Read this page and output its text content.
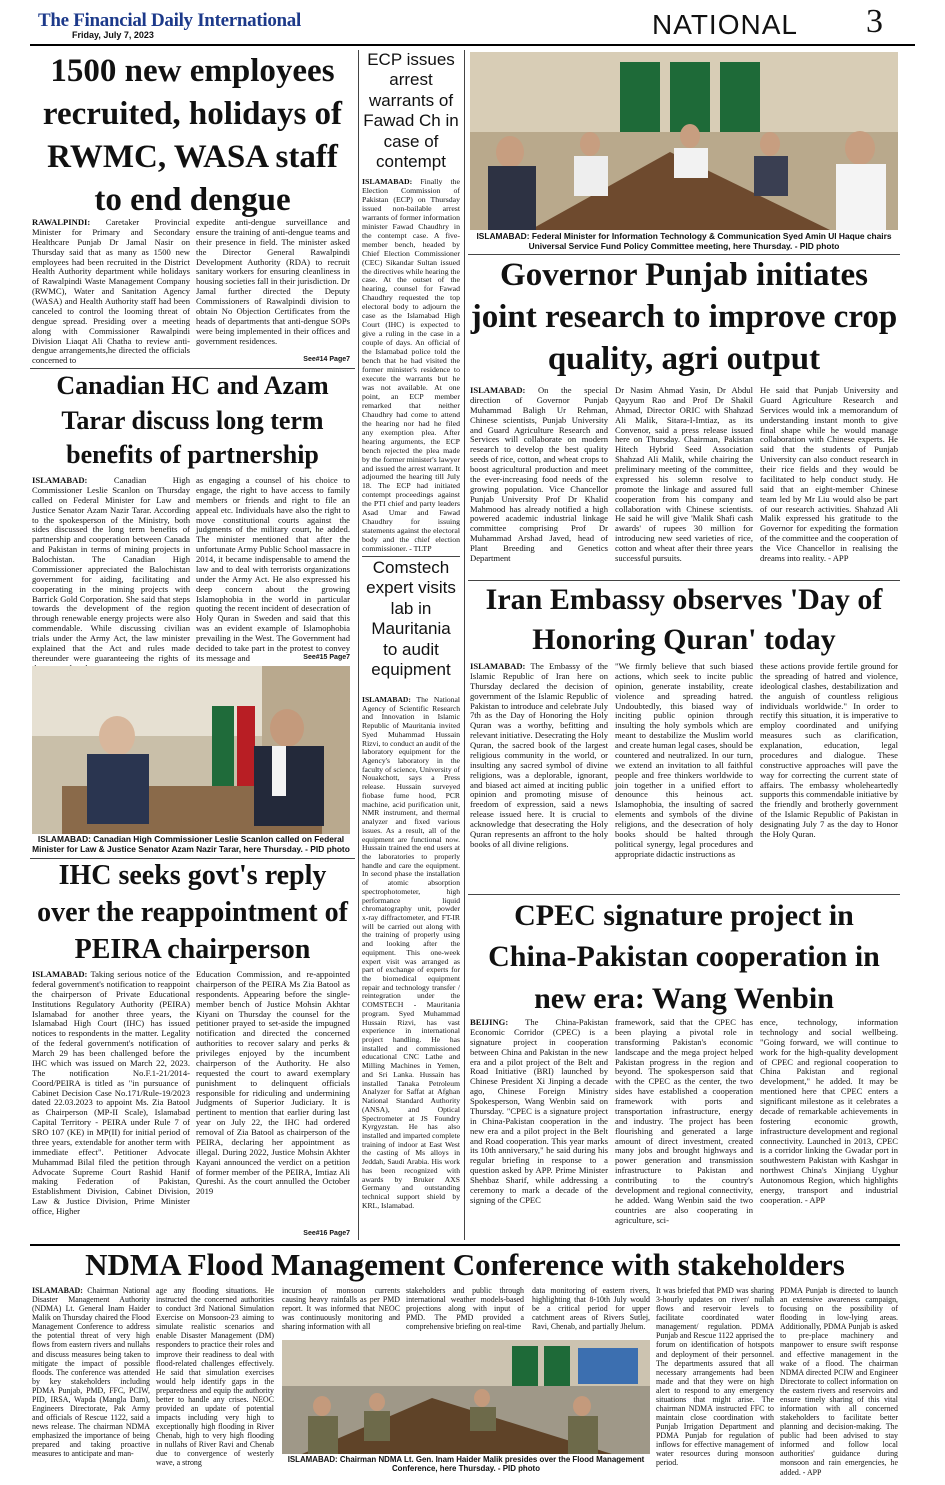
The Financial Daily International
Friday, July 7, 2023	NATIONAL 3
1500 new employees recruited, holidays of RWMC, WASA staff to end dengue
RAWALPINDI: Caretaker Provincial Minister for Primary and Secondary Healthcare Punjab Dr Jamal Nasir on Thursday said that as many as 1500 new employees had been recruited in the District Health Authority department while holidays of Rawalpindi Waste Management Company (RWMC), Water and Sanitation Agency (WASA) and Health Authority staff had been canceled to control the looming threat of dengue spread. Presiding over a meeting along with Commissioner Rawalpindi Division Liaqat Ali Chatha to review anti-dengue arrangements,he directed the officials concerned to
expedite anti-dengue surveillance and ensure the training of anti-dengue teams and their presence in field. The minister asked the Director General Rawalpindi Development Authority (RDA) to recruit sanitary workers for ensuring cleanliness in housing societies fall in their jurisdiction. Dr Jamal further directed the Deputy Commissioners of Rawalpindi division to obtain No Objection Certificates from the heads of departments that anti-dengue SOPs were being implemented in their offices and government residences.
See#14 Page7
Canadian HC and Azam Tarar discuss long term benefits of partnership
ISLAMABAD:	Canadian High Commissioner Leslie Scanlon on Thursday called on Federal Minister for Law and Justice Senator Azam Nazir Tarar. According to the spokesperson of the Ministry, both sides discussed the long term benefits of partnership and cooperation between Canada and Pakistan in terms of mining projects in Balochistan. The Canadian High Commissioner appreciated the Balochistan government for aiding, facilitating and cooperating in the mining projects with Barrick Gold Corporation. She said that steps towards the development of the region through renewable energy projects were also commendable. While discussing civilian trials under the Army Act, the law minister explained that the Act and rules made thereunder were guaranteeing the rights of
as engaging a counsel of his choice to engage, the right to have access to family members or friends and right to file an appeal etc. Individuals have also the right to move constitutional courts against the judgments of the military court, he added. The minister mentioned that after the unfortunate Army Public School massacre in 2014, it became indispensable to amend the law and to deal with terrorists organizations under the Army Act. He also expressed his deep concern about the growing Islamophobia in the world in particular quoting the recent incident of desecration of Holy Quran in Sweden and said that this was an evident example of Islamophobia prevailing in the West. The Government had decided to take part in the protest to convey its message and	See#15 Page7
ISLAMABAD: Canadian High Commissioner Leslie Scanlon called on Federal Minister for Law & Justice Senator Azam Nazir Tarar, here Thursday. - PID photo
IHC seeks govt's reply over the reappointment of PEIRA chairperson
ISLAMABAD: Taking serious notice of the federal government's notification to reappoint the chairperson of Private Educational Institutions Regulatory Authority (PEIRA) Islamabad for another three years, the Islamabad High Court (IHC) has issued notices to respondents in the matter. Legality of the federal government's notification of March 29 has been challenged before the IHC which was issued on March 22, 2023. The notification No.F.1-21/2014-Coord/PEIRA is titled as "in pursuance of Cabinet Decision Case No.171/Rule-19/2023 dated 22.03.2023 to appoint Ms. Zia Batool as Chairperson (MP-II Scale), Islamabad Capital Territory - PEIRA under Rule 7 of SRO 107 (KE) in MP(II) for initial period of three years, extendable for another term with immediate effect". Petitioner Advocate Muhammad Bilal filed the petition through Advocate Supreme Court Rashid Hanif making Federation of Pakistan, Establishment Division, Cabinet Division, Law & Justice Division, Prime Minister office, Higher
Education Commission, and re-appointed chairperson of the PEIRA Ms Zia Batool as respondents. Appearing before the single-member bench of Justice Mohsin Akhtar Kiyani on Thursday the counsel for the petitioner prayed to set-aside the impugned notification and directed the concerned authorities to recover salary and perks & privileges enjoyed by the incumbent chairperson of the Authority. He also requested the court to award exemplary punishment to delinquent officials responsible for ridiculing and undermining Judgments of Superior Judiciary. It is pertinent to mention that earlier during last year on July 22, the IHC had ordered removal of Zia Batool as chairperson of the PEIRA, declaring her appointment as illegal. During 2022, Justice Mohsin Akhter Kayani announced the verdict on a petition of former member of the PEIRA, Imtiaz Ali Qureshi. As the court annulled the October 2019
See#16 Page7
ECP issues arrest warrants of Fawad Ch in case of contempt
ISLAMABAD: Finally the Election Commission of Pakistan (ECP) on Thursday issued non-bailable arrest warrants of former information minister Fawad Chaudhry in the contempt case. A five-member bench, headed by Chief Election Commissioner (CEC) Sikandar Sultan issued the directives while hearing the case. At the outset of the hearing, counsel for Fawad Chaudhry requested the top electoral body to adjourn the case as the Islamabad High Court (IHC) is expected to give a ruling in the case in a couple of days. An official of the Islamabad police told the bench that he had visited the former minister's residence to execute the warrants but he was not available. At one point, an ECP member remarked that neither Chaudhry had come to attend the hearing nor had he filed any exemption plea. After hearing arguments, the ECP bench rejected the plea made by the former minister's lawyer and issued the arrest warrant. It adjourned the hearing till July 18. The ECP had initiated contempt proceedings against the PTI chief and party leaders Asad Umar and Fawad Chaudhry for issuing statements against the electoral body and the chief election commissioner. - TLTP
Comstech expert visits lab in Mauritania to audit equipment
ISLAMABAD: The National Agency of Scientific Research and Innovation in Islamic Republic of Mauritania invited Syed Muhammad Hussain Rizvi, to conduct an audit of the laboratory equipment for the Agency's laboratory in the faculty of science, University of Nouakchott, says a Press release. Hussain surveyed fiobase fume hood, PCR machine, acid purification unit, NMR instrument, and thermal analyzer and fixed various issues. As a result, all of the equipment are functional now. Hussain trained the end users at the laboratories to properly handle and care the equipment. In second phase the installation of atomic absorption spectrophotometer, high performance liquid chromatography unit, powder x-ray diffractometer, and FT-IR will be carried out along with the training of properly using and looking after the equipment. This one-week expert visit was arranged as part of exchange of experts for the biomedical equipment repair and technology transfer / reintegration under the COMSTECH - Mauritania program. Syed Muhammad Hussain Rizvi, has vast experience in international project handling. He has installed and commissioned educational CNC Lathe and Milling Machines in Yemen, and Sri Lanka. Hussain has installed Tanaka Petroleum Analyzer for Saffat at Afghan National Standard Authority (ANSA), and Optical Spectrometer at JS Foundry Kyrgyzstan. He has also installed and imparted complete training of indoor at East West the casting of Ms alloys in Jeddah, Saudi Arabia. His work has been recognized with awards by Bruker AXS Germany and outstanding technical support shield by KRL, Islamabad.
ISLAMABAD: Federal Minister for Information Technology & Communication Syed Amin Ul Haque chairs Universal Service Fund Policy Committee meeting, here Thursday. - PID photo
Governor Punjab initiates joint research to improve crop quality, agri output
ISLAMABAD: On the special direction of Governor Punjab Muhammad Baligh Ur Rehman, Chinese scientists, Punjab University and Guard Agriculture Research and Services will collaborate on modern research to develop the best quality seeds of rice, cotton, and wheat crops to boost agricultural production and meet the ever-increasing food needs of the growing population. Vice Chancellor Punjab University Prof Dr Khalid Mahmood has already notified a high powered academic industrial linkage committee comprising Prof Dr Muhammad Arshad Javed, head of Plant Breeding and Genetics Department
Dr Nasim Ahmad Yasin, Dr Abdul Qayyum Rao and Prof Dr Shakil Ahmad, Director ORIC with Shahzad Ali Malik, Sitara-I-Imtiaz, as its Convenor, said a press release issued here on Thursday. Chairman, Pakistan Hitech Hybrid Seed Association Shahzad Ali Malik, while chairing the preliminary meeting of the committee, expressed his solemn resolve to promote the linkage and assured full cooperation from his company and collaboration with Chinese scientists. He said he will give 'Malik Shafi cash awards' of rupees 30 million for introducing new seed varieties of rice, cotton and wheat after their three years successful pursuits.
He said that Punjab University and Guard Agriculture Research and Services would ink a memorandum of understanding instant month to give final shape while he would manage collaboration with Chinese experts. He said that the students of Punjab University can also conduct research in their rice fields and they would be facilitated to help conduct study. He said that an eight-member Chinese team led by Mr Liu would also be part of our research activities. Shahzad Ali Malik expressed his gratitude to the Governor for expediting the formation of the committee and the cooperation of the Vice Chancellor in realising the dreams into reality. - APP
Iran Embassy observes 'Day of Honoring Quran' today
ISLAMABAD: The Embassy of the Islamic Republic of Iran here on Thursday declared the decision of government of the Islamic Republic of Pakistan to introduce and celebrate July 7th as the Day of Honoring the Holy Quran was a worthy, befitting and relevant initiative. Desecrating the Holy Quran, the sacred book of the largest religious community in the world, or insulting any sacred symbol of divine religions, was a deplorable, ignorant, and biased act aimed at inciting public opinion and promoting misuse of freedom of expression, said a news release issued here. It is crucial to acknowledge that desecrating the Holy Quran represents an affront to the holy books of all divine religions.
"We firmly believe that such biased actions, which seek to incite public opinion, generate instability, create violence and spreading hatred. Undoubtedly, this biased way of inciting public opinion through insulting the holy symbols which are meant to destabilize the Muslim world and create human legal cases, should be countered and neutralized. In our turn, we extend an invitation to all faithful people and free thinkers worldwide to join together in a unified effort to denounce this heinous act. Islamophobia, the insulting of sacred elements and symbols of the divine religions, and the desecration of holy books should be halted through political synergy, legal procedures and appropriate didactic instructions as
these actions provide fertile ground for the spreading of hatred and violence, ideological clashes, destabilization and the anguish of countless religious individuals worldwide." In order to rectify this situation, it is imperative to employ coordinated and unifying measures such as clarification, explanation, education, legal procedures and dialogue. These constructive approaches will pave the way for correcting the current state of affairs. The embassy wholeheartedly supports this commendable initiative by the friendly and brotherly government of the Islamic Republic of Pakistan in designating July 7 as the day to Honor the Holy Quran.
CPEC signature project in China-Pakistan cooperation in new era: Wang Wenbin
BEIJING: The China-Pakistan Economic Corridor (CPEC) is a signature project in cooperation between China and Pakistan in the new era and a pilot project of the Belt and Road Initiative (BRI) launched by Chinese President Xi Jinping a decade ago, Chinese Foreign Ministry Spokesperson, Wang Wenbin said on Thursday. "CPEC is a signature project in China-Pakistan cooperation in the new era and a pilot project in the Belt and Road cooperation. This year marks its 10th anniversary," he said during his regular briefing in response to a question asked by APP. Prime Minister Shehbaz Sharif, while addressing a ceremony to mark a decade of the signing of the CPEC
framework, said that the CPEC has been playing a pivotal role in transforming Pakistan's economic landscape and the mega project helped Pakistan progress in the region and beyond. The spokesperson said that with the CPEC as the center, the two sides have established a cooperation framework with ports and transportation infrastructure, energy and industry. The project has been flourishing and generated a large amount of direct investment, created many jobs and brought highways and power generation and transmission infrastructure to Pakistan and contributing to the country's development and regional connectivity, he added. Wang Wenbin said the two countries are also cooperating in agriculture, sci-
ence, technology, information technology and social wellbeing. "Going forward, we will continue to work for the high-quality development of CPEC and regional cooperation to China Pakistan and regional development," he added. It may be mentioned here that CPEC enters a significant milestone as it celebrates a decade of remarkable achievements in fostering economic growth, infrastructure development and regional connectivity. Launched in 2013, CPEC is a corridor linking the Gwadar port in southwestern Pakistan with Kashgar in northwest China's Xinjiang Uyghur Autonomous Region, which highlights energy, transport and industrial cooperation. - APP
NDMA Flood Management Conference with stakeholders
ISLAMABAD: Chairman National Disaster Management Authority (NDMA) Lt. General Inam Haider Malik on Thursday chaired the Flood Management Conference to address the potential threat of very high flows from eastern rivers and nullahs and discuss measures being taken to mitigate the impact of possible floods. The conference was attended by key stakeholders including PDMA Punjab, PMD, FFC, PCIW, PID, IRSA, Wapda (Mangla Dam), Engineers Directorate, Pak Army and officials of Rescue 1122, said a news release. The chairman NDMA emphasized the importance of being prepared and taking proactive measures to anticipate and man-
age any flooding situations. He instructed the concerned authorities to conduct 3rd National Simulation Exercise on Monsoon-23 aiming to simulate realistic scenarios and enable Disaster Management (DM) responders to practice their roles and improve their readiness to deal with flood-related challenges effectively. He said that simulation exercises would help identify gaps in the preparedness and equip the authority better to handle any crises. NEOC provided an update of potential impacts including very high to exceptionally high flooding in River Chenab, high to very high flooding in nullahs of River Ravi and Chenab due to convergence of westerly wave, a strong
incursion of monsoon currents causing heavy rainfalls as per PMD report. It was informed that NEOC was continuously monitoring and sharing information with all
stakeholders and public through international weather models-based projections along with input of PMD. The PMD provided a comprehensive briefing on real-time
data monitoring of eastern rivers, highlighting that 8-10th July would be a critical period for upper catchment areas of Rivers Sutlej, Ravi, Chenab, and partially Jhelum.
It was briefed that PMD was sharing 3-hourly updates on river/ nullah flows and reservoir levels to facilitate coordinated water management/ regulation. PDMA Punjab and Rescue 1122 apprised the forum on identification of hotspots and deployment of their personnel. The departments assured that all necessary arrangements had been made and that they were on high alert to respond to any emergency situations that might arise. The chairman NDMA instructed FFC to maintain close coordination with Punjab Irrigation Department and PDMA Punjab for regulation of inflows for effective management of water resources during monsoon period.
PDMA Punjab is directed to launch an extensive awareness campaign, focusing on the possibility of flooding in low-lying areas. Additionally, PDMA Punjab is asked to pre-place machinery and manpower to ensure swift response and effective management in the wake of a flood. The chairman NDMA directed PCIW and Engineer Directorate to collect information on the eastern rivers and reservoirs and ensure timely sharing of this vital information with all concerned stakeholders to facilitate better planning and decision-making. The public had been advised to stay informed and follow local authorities' guidance during monsoon and rain emergencies, he added. - APP
ISLAMABAD: Chairman NDMA Lt. Gen. Inam Haider Malik presides over the Flood Management Conference, here Thursday. - PID photo
